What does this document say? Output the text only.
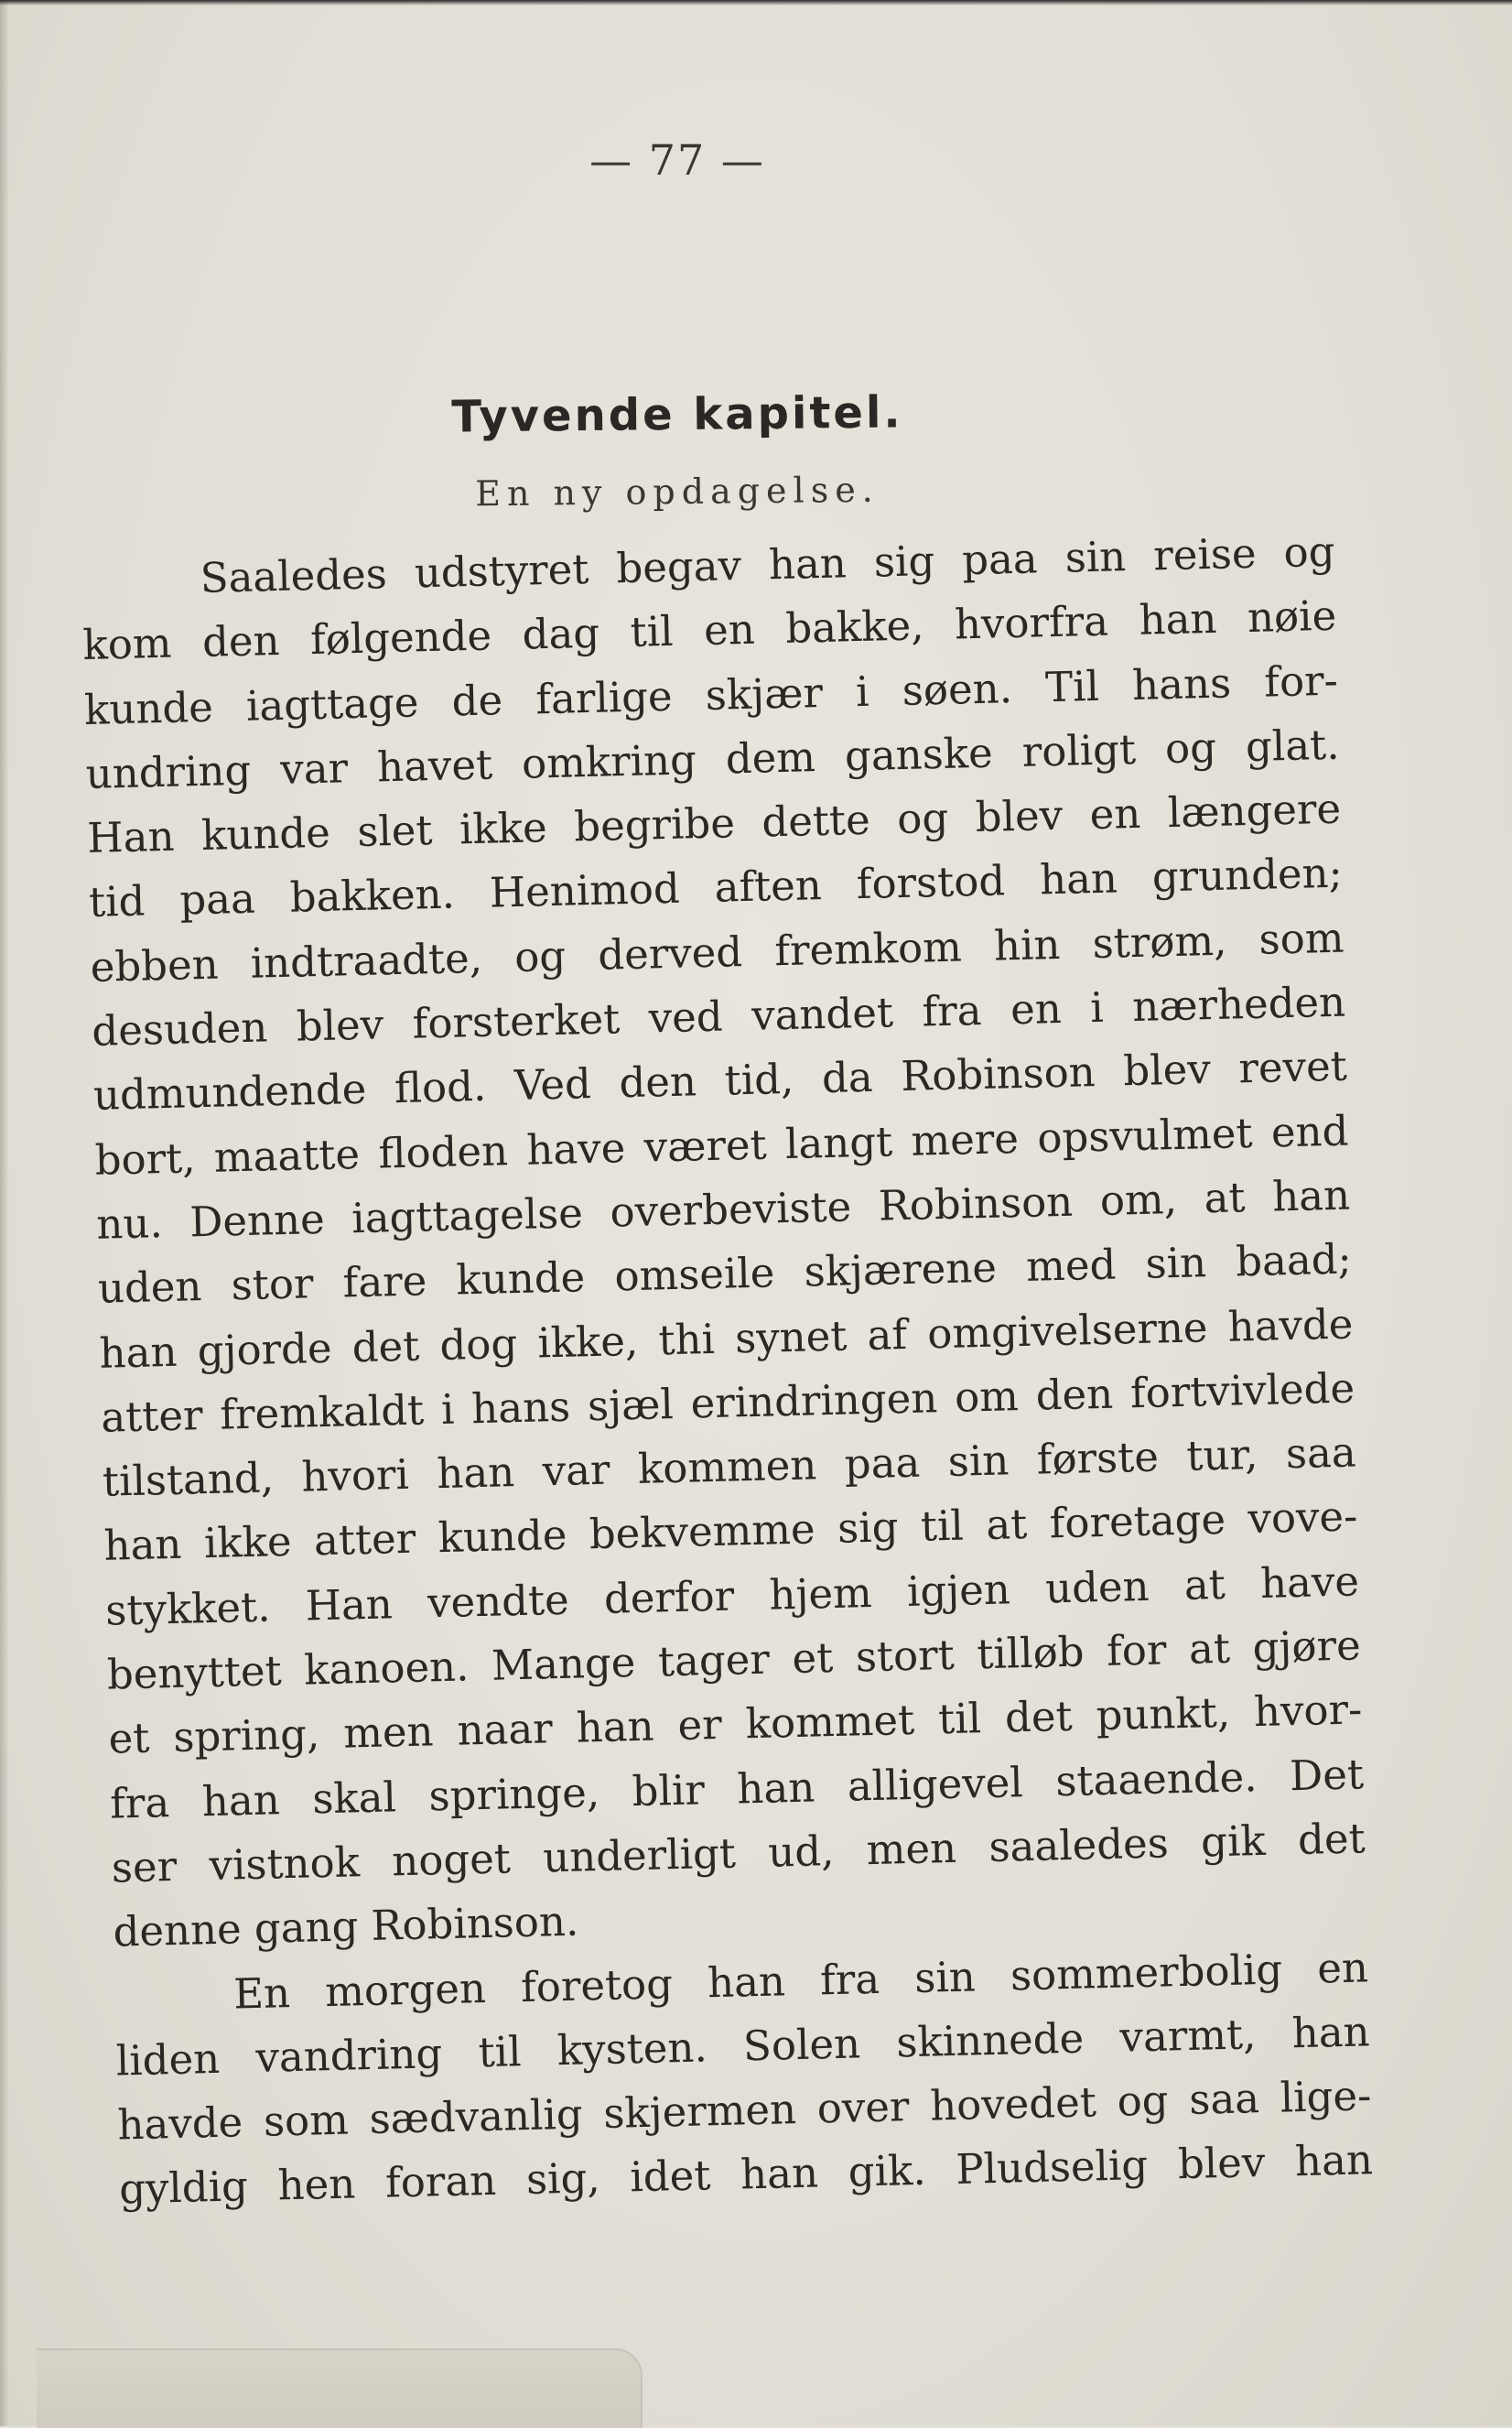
— 77 —
Tyvende kapitel.
En ny opdagelse.
Saaledes udstyret begav han sig paa sin reise og
kom den følgende dag til en bakke, hvorfra han nøie
kunde iagttage de farlige skjær i søen. Til hans for-
undring var havet omkring dem ganske roligt og glat.
Han kunde slet ikke begribe dette og blev en længere
tid paa bakken. Henimod aften forstod han grunden;
ebben indtraadte, og derved fremkom hin strøm, som
desuden blev forsterket ved vandet fra en i nærheden
udmundende flod. Ved den tid, da Robinson blev revet
bort, maatte floden have været langt mere opsvulmet end
nu. Denne iagttagelse overbeviste Robinson om, at han
uden stor fare kunde omseile skjærene med sin baad;
han gjorde det dog ikke, thi synet af omgivelserne havde
atter fremkaldt i hans sjæl erindringen om den fortvivlede
tilstand, hvori han var kommen paa sin første tur, saa
han ikke atter kunde bekvemme sig til at foretage vove-
stykket. Han vendte derfor hjem igjen uden at have
benyttet kanoen. Mange tager et stort tilløb for at gjøre
et spring, men naar han er kommet til det punkt, hvor-
fra han skal springe, blir han alligevel staaende. Det
ser vistnok noget underligt ud, men saaledes gik det
denne gang Robinson.
En morgen foretog han fra sin sommerbolig en
liden vandring til kysten. Solen skinnede varmt, han
havde som sædvanlig skjermen over hovedet og saa lige-
gyldig hen foran sig, idet han gik. Pludselig blev han
